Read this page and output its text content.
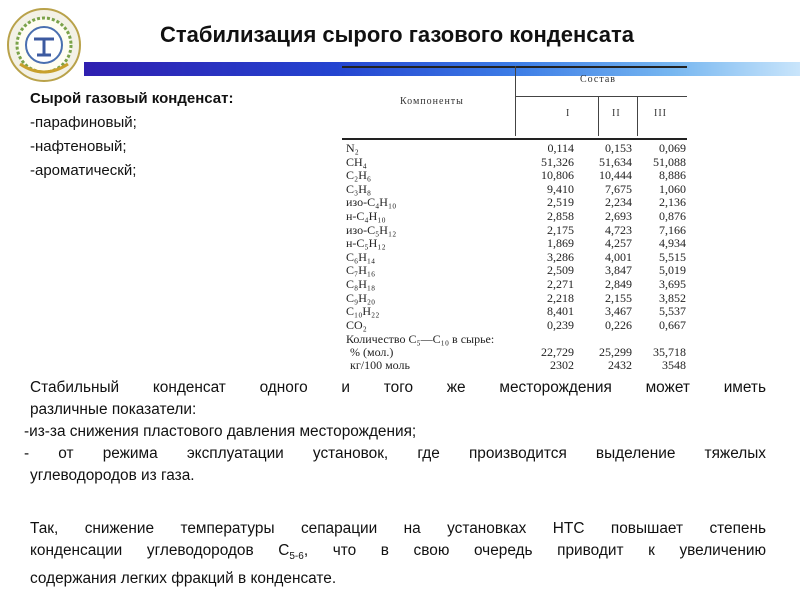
Стабилизация сырого газового конденсата
Сырой газовый конденсат:
-парафиновый;
-нафтеновый;
-ароматическй;
Компоненты
Состав
I	II	III
N₂	0,114	0,153 0,069
CH₄	51,326 51,634 51,088
C₂H₆	10,806 10,444 8,886
C₃H₈	9,410	7,675 1,060
изо-C₄H₁₀	2,519	2,234 2,136
н-C₄H₁₀	2,858	2,693 0,876
изо-C₅H₁₂	2,175	4,723 7,166
н-C₅H₁₂	1,869	4,257 4,934
C₆H₁₄	3,286	4,001 5,515
C₇H₁₆	2,509	3,847 5,019
C₈H₁₈	2,271	2,849 3,695
C₉H₂₀	2,218	2,155 3,852
C₁₀H₂₂	8,401	3,467 5,537
CO₂	0,239	0,226 0,667
Количество C₅—C₁₀ в сырье:
% (мол.)	22,729 25,299 35,718
кг/100 моль	2302	2432	3548
Стабильный конденсат одного и того же месторождения может иметь
различные показатели:
-из-за снижения пластового давления месторождения;
- от режима эксплуатации установок, где производится выделение тяжелых
углеводородов из газа.
Так, снижение температуры сепарации на установках НТС повышает степень
конденсации углеводородов $С_{5-6}$, что в свою очередь приводит к увеличению
содержания легких фракций в конденсате.
